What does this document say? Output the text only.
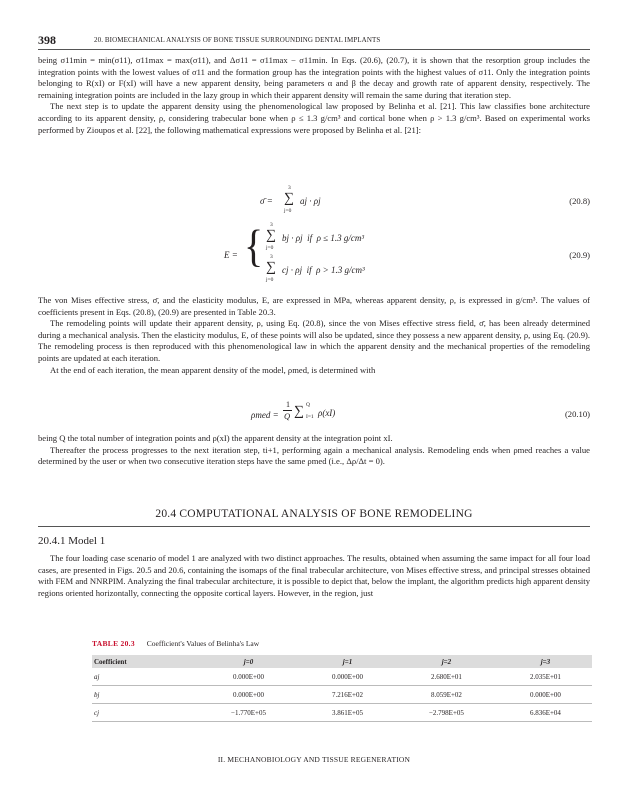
398	20. BIOMECHANICAL ANALYSIS OF BONE TISSUE SURROUNDING DENTAL IMPLANTS

being σ11min = min(σ11), σ11max = max(σ11), and Δσ11 = σ11max − σ11min. In Eqs. (20.6), (20.7), it is shown that the resorption group includes the integration points with the lowest values of σ11 and the formation group has the integration points with the highest values of σ11. Only the integration points belonging to R(xI) or F(xI) will have a new apparent density, being parameters α and β the decay and growth rate of apparent density, respectively. The remaining integration points are included in the lazy group in which their apparent density will remain the same during that iteration step.

The next step is to update the apparent density using the phenomenological law proposed by Belinha et al. [21]. This law classifies bone architecture according to its apparent density, ρ, considering trabecular bone when ρ ≤ 1.3 g/cm³ and cortical bone when ρ > 1.3 g/cm³. Based on experimental works performed by Zioupos et al. [22], the following mathematical expressions were proposed by Belinha et al. [21]:

σ̄ = ∑
3
j=0
aj · ρj	(20.8)
E = { ∑
3
j=0
bj · ρj  if  ρ ≤ 1.3 g/cm³
∑
3
j=0
cj · ρj  if  ρ > 1.3 g/cm³
(20.9)

The von Mises effective stress, σ̄, and the elasticity modulus, E, are expressed in MPa, whereas apparent density, ρ, is expressed in g/cm³. The values of coefficients present in Eqs. (20.8), (20.9) are presented in Table 20.3.

The remodeling points will update their apparent density, ρ, using Eq. (20.8), since the von Mises effective stress field, σ̄, has been already determined during a mechanical analysis. Then the elasticity modulus, E, of these points will also be updated, since they possess a new apparent density, ρ, using Eq. (20.9). The remodeling process is then reproduced with this phenomenological law in which the apparent density and the mechanical properties of the remodeling points are updated at each iteration.

At the end of each iteration, the mean apparent density of the model, ρmed, is determined with

ρmed =
1
Q ∑ Q
I=1 ρ(xI)	(20.10)

being Q the total number of integration points and ρ(xI) the apparent density at the integration point xI.

Thereafter the process progresses to the next iteration step, ti+1, performing again a mechanical analysis. Remodeling ends when ρmed reaches a value determined by the user or when two consecutive iteration steps have the same ρmed (i.e., Δρ/Δt = 0).

20.4 COMPUTATIONAL ANALYSIS OF BONE REMODELING
20.4.1 Model 1

The four loading case scenario of model 1 are analyzed with two distinct approaches. The results, obtained when assuming the same impact for all four load cases, are presented in Figs. 20.5 and 20.6, containing the isomaps of the final trabecular architecture, von Mises effective stress, and principal stresses obtained with FEM and NNRPIM. Analyzing the final trabecular architecture, it is possible to depict that, below the implant, the algorithm predicts high apparent density regions oriented horizontally, connecting the opposite cortical layers. However, in the region, just

TABLE 20.3 Coefficient's Values of Belinha's Law
Coefficient	j=0	j=1	j=2	j=3
aj	0.000E+00	0.000E+00	2.680E+01	2.035E+01
bj	0.000E+00	7.216E+02	8.059E+02	0.000E+00
cj	−1.770E+05	3.861E+05	−2.798E+05	6.836E+04
II. MECHANOBIOLOGY AND TISSUE REGENERATION
